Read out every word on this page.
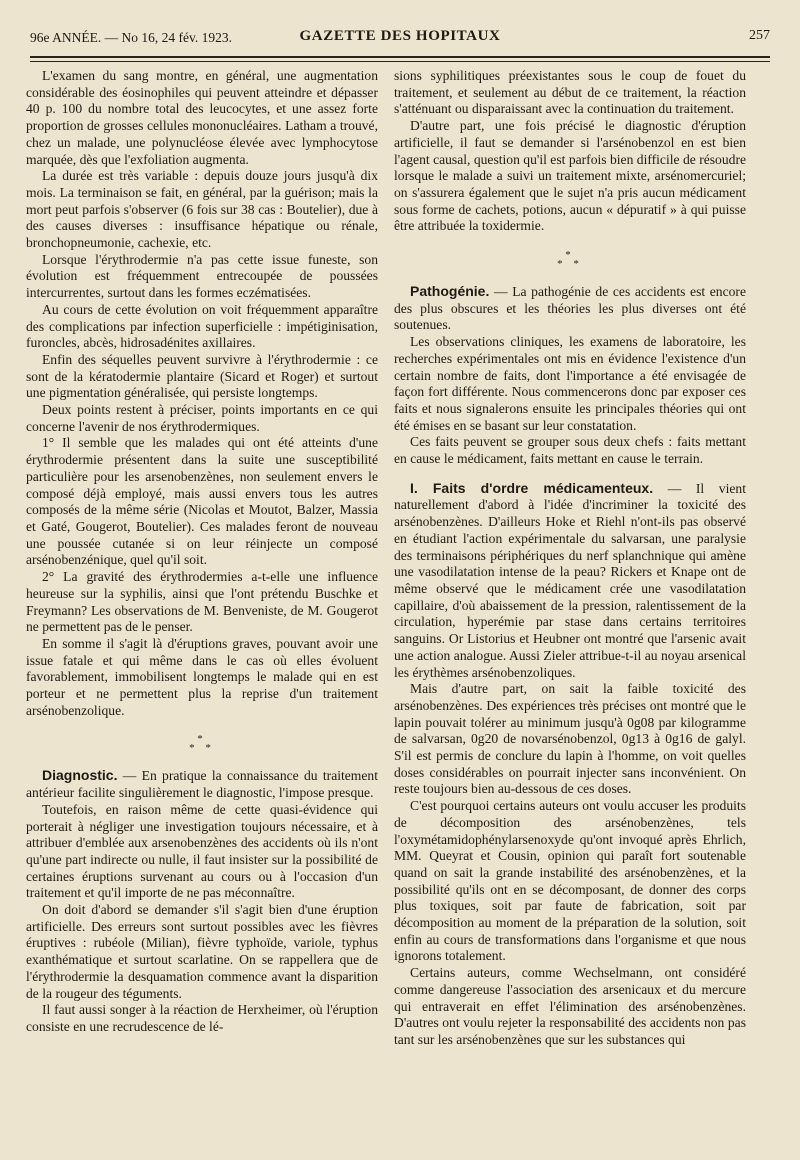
96e ANNÉE. — No 16, 24 fév. 1923.	GAZETTE DES HOPITAUX	257

L'examen du sang montre, en général, une augmentation considérable des éosinophiles qui peuvent atteindre et dépasser 40 p. 100 du nombre total des leucocytes, et une assez forte proportion de grosses cellules mononucléaires. Latham a trouvé, chez un malade, une polynucléose élevée avec lymphocytose marquée, dès que l'exfoliation augmenta.

La durée est très variable : depuis douze jours jusqu'à dix mois. La terminaison se fait, en général, par la guérison; mais la mort peut parfois s'observer (6 fois sur 38 cas : Boutelier), due à des causes diverses : insuffisance hépatique ou rénale, bronchopneumonie, cachexie, etc.

Lorsque l'érythrodermie n'a pas cette issue funeste, son évolution est fréquemment entrecoupée de poussées intercurrentes, surtout dans les formes eczématisées.

Au cours de cette évolution on voit fréquemment apparaître des complications par infection superficielle : impétiginisation, furoncles, abcès, hidrosadénites axillaires.

Enfin des séquelles peuvent survivre à l'érythrodermie : ce sont de la kératodermie plantaire (Sicard et Roger) et surtout une pigmentation généralisée, qui persiste longtemps.

Deux points restent à préciser, points importants en ce qui concerne l'avenir de nos érythrodermiques.

1° Il semble que les malades qui ont été atteints d'une érythrodermie présentent dans la suite une susceptibilité particulière pour les arsenobenzènes, non seulement envers le composé déjà employé, mais aussi envers tous les autres composés de la même série (Nicolas et Moutot, Balzer, Massia et Gaté, Gougerot, Boutelier). Ces malades feront de nouveau une poussée cutanée si on leur réinjecte un composé arsénobenzénique, quel qu'il soit.

2° La gravité des érythrodermies a-t-elle une influence heureuse sur la syphilis, ainsi que l'ont prétendu Buschke et Freymann? Les observations de M. Benveniste, de M. Gougerot ne permettent pas de le penser.

En somme il s'agit là d'éruptions graves, pouvant avoir une issue fatale et qui même dans le cas où elles évoluent favorablement, immobilisent longtemps le malade qui en est porteur et ne permettent plus la reprise d'un traitement arsénobenzolique.

*
* *

Diagnostic. — En pratique la connaissance du traitement antérieur facilite singulièrement le diagnostic, l'impose presque.

Toutefois, en raison même de cette quasi-évidence qui porterait à négliger une investigation toujours nécessaire, et à attribuer d'emblée aux arsenobenzènes des accidents où ils n'ont qu'une part indirecte ou nulle, il faut insister sur la possibilité de certaines éruptions survenant au cours ou à l'occasion d'un traitement et qu'il importe de ne pas méconnaître.

On doit d'abord se demander s'il s'agit bien d'une éruption artificielle. Des erreurs sont surtout possibles avec les fièvres éruptives : rubéole (Milian), fièvre typhoïde, variole, typhus exanthématique et surtout scarlatine. On se rappellera que de l'érythrodermie la desquamation commence avant la disparition de la rougeur des téguments.

Il faut aussi songer à la réaction de Herxheimer, où l'éruption consiste en une recrudescence de lé-

sions syphilitiques préexistantes sous le coup de fouet du traitement, et seulement au début de ce traitement, la réaction s'atténuant ou disparaissant avec la continuation du traitement.

D'autre part, une fois précisé le diagnostic d'éruption artificielle, il faut se demander si l'arsénobenzol en est bien l'agent causal, question qu'il est parfois bien difficile de résoudre lorsque le malade a suivi un traitement mixte, arsénomercuriel; on s'assurera également que le sujet n'a pris aucun médicament sous forme de cachets, potions, aucun « dépuratif » à qui puisse être attribuée la toxidermie.

*
* *

Pathogénie. — La pathogénie de ces accidents est encore des plus obscures et les théories les plus diverses ont été soutenues.

Les observations cliniques, les examens de laboratoire, les recherches expérimentales ont mis en évidence l'existence d'un certain nombre de faits, dont l'importance a été envisagée de façon fort différente. Nous commencerons donc par exposer ces faits et nous signalerons ensuite les principales théories qui ont été émises en se basant sur leur constatation.

Ces faits peuvent se grouper sous deux chefs : faits mettant en cause le médicament, faits mettant en cause le terrain.

I. Faits d'ordre médicamenteux. — Il vient naturellement d'abord à l'idée d'incriminer la toxicité des arsénobenzènes. D'ailleurs Hoke et Riehl n'ont-ils pas observé en étudiant l'action expérimentale du salvarsan, une paralysie des terminaisons périphériques du nerf splanchnique qui amène une vasodilatation intense de la peau? Rickers et Knape ont de même observé que le médicament crée une vasodilatation capillaire, d'où abaissement de la pression, ralentissement de la circulation, hyperémie par stase dans certains territoires sanguins. Or Listorius et Heubner ont montré que l'arsenic avait une action analogue. Aussi Zieler attribue-t-il au noyau arsenical les érythèmes arsénobenzoliques.

Mais d'autre part, on sait la faible toxicité des arsénobenzènes. Des expériences très précises ont montré que le lapin pouvait tolérer au minimum jusqu'à 0g08 par kilogramme de salvarsan, 0g20 de novarsénobenzol, 0g13 à 0g16 de galyl. S'il est permis de conclure du lapin à l'homme, on voit quelles doses considérables on pourrait injecter sans inconvénient. On reste toujours bien au-dessous de ces doses.

C'est pourquoi certains auteurs ont voulu accuser les produits de décomposition des arsénobenzènes, tels l'oxymétamidophénylarsenoxyde qu'ont invoqué après Ehrlich, MM. Queyrat et Cousin, opinion qui paraît fort soutenable quand on sait la grande instabilité des arsénobenzènes, et la possibilité qu'ils ont en se décomposant, de donner des corps plus toxiques, soit par faute de fabrication, soit par décomposition au moment de la préparation de la solution, soit enfin au cours de transformations dans l'organisme et que nous ignorons totalement.

Certains auteurs, comme Wechselmann, ont considéré comme dangereuse l'association des arsenicaux et du mercure qui entraverait en effet l'élimination des arsénobenzènes. D'autres ont voulu rejeter la responsabilité des accidents non pas tant sur les arsénobenzènes que sur les substances qui
